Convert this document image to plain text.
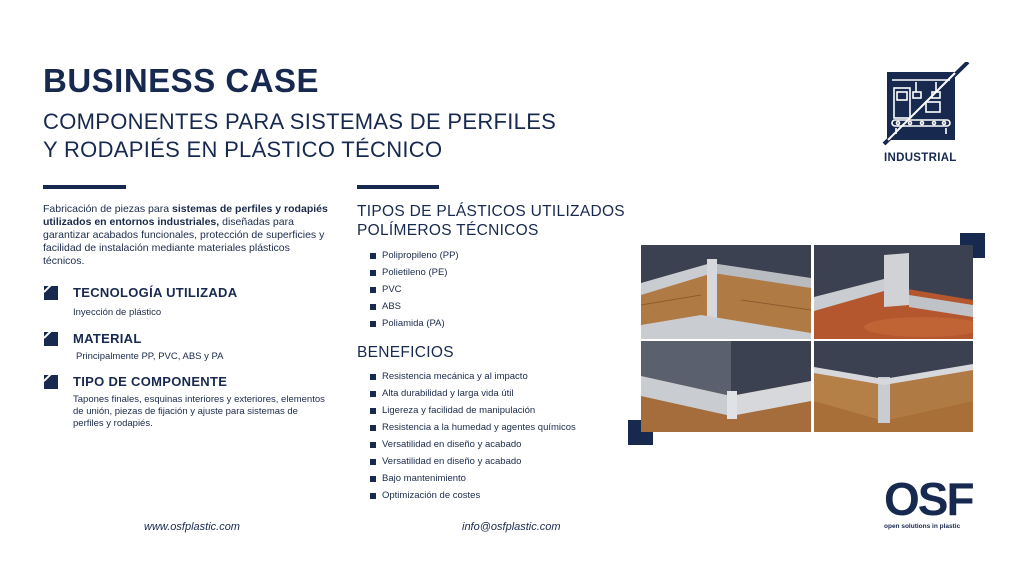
BUSINESS CASE
COMPONENTES PARA SISTEMAS DE PERFILES
Y RODAPIÉS EN PLÁSTICO TÉCNICO	INDUSTRIAL
Fabricación de piezas para sistemas de perfiles y rodapiés utilizados en entornos industriales, diseñadas para garantizar acabados funcionales, protección de superficies y facilidad de instalación mediante materiales plásticos técnicos.
TECNOLOGÍA UTILIZADA
Inyección de plástico
MATERIAL
Principalmente PP, PVC, ABS y PA
TIPO DE COMPONENTE
Tapones finales, esquinas interiores y exteriores, elementos de unión, piezas de fijación y ajuste para sistemas de perfiles y rodapiés.
TIPOS DE PLÁSTICOS UTILIZADOS
POLÍMEROS TÉCNICOS
Polipropileno (PP)
Polietileno (PE)
PVC
ABS
Poliamida (PA)
BENEFICIOS
Resistencia mecánica y al impacto
Alta durabilidad y larga vida útil
Ligereza y facilidad de manipulación
Resistencia a la humedad y agentes químicos
Versatilidad en diseño y acabado
Versatilidad en diseño y acabado
Bajo mantenimiento
Optimización de costes	OSF
open solutions in plastic
www.osfplastic.com	info@osfplastic.com
